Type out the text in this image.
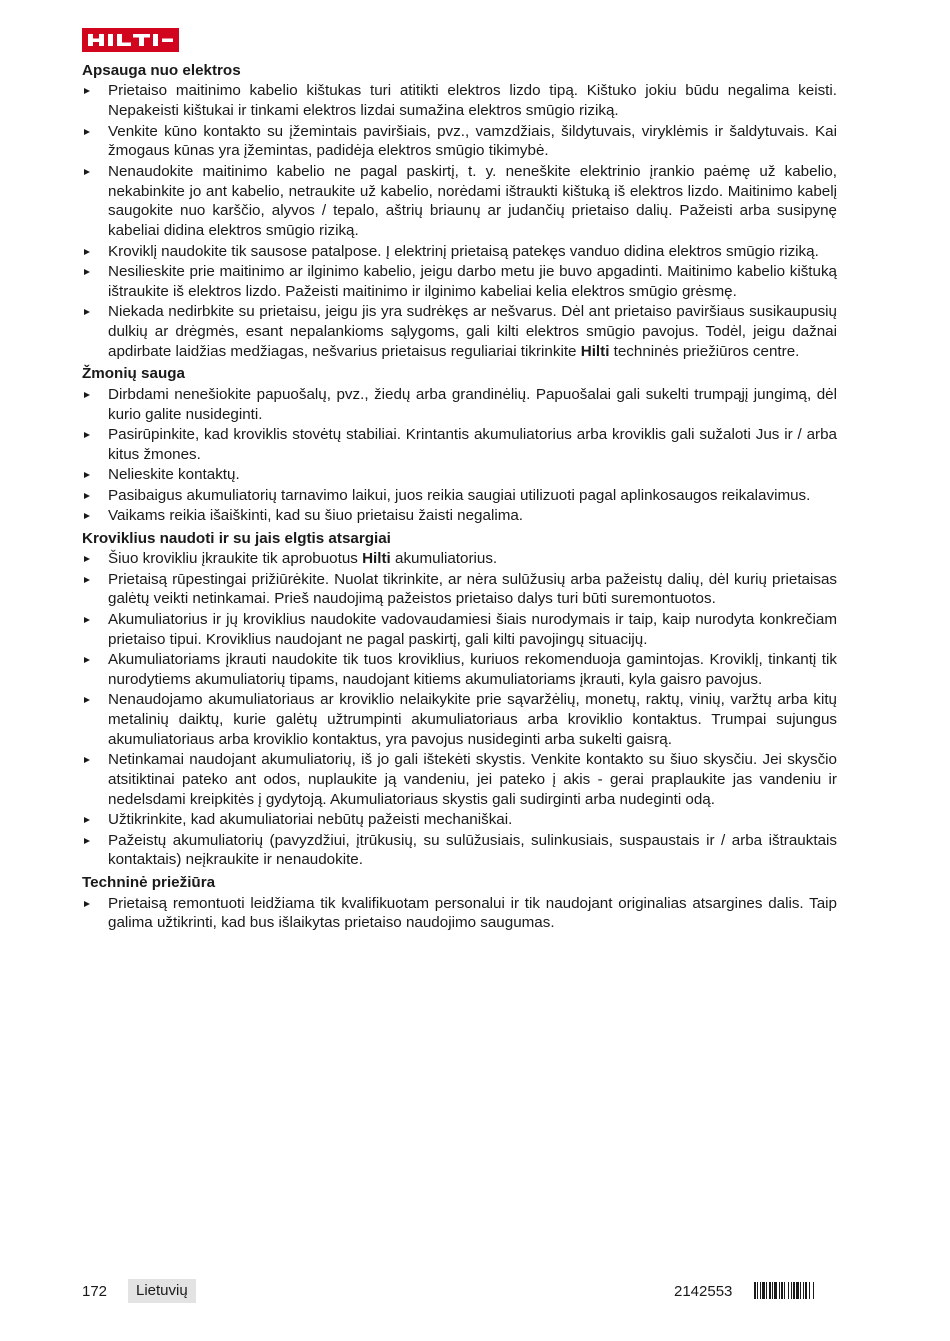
Apsauga nuo elektros
Prietaiso maitinimo kabelio kištukas turi atitikti elektros lizdo tipą. Kištuko jokiu būdu negalima keisti. Nepakeisti kištukai ir tinkami elektros lizdai sumažina elektros smūgio riziką.
Venkite kūno kontakto su įžemintais paviršiais, pvz., vamzdžiais, šildytuvais, viryklėmis ir šaldytuvais. Kai žmogaus kūnas yra įžemintas, padidėja elektros smūgio tikimybė.
Nenaudokite maitinimo kabelio ne pagal paskirtį, t. y. neneškite elektrinio įrankio paėmę už kabelio, nekabinkite jo ant kabelio, netraukite už kabelio, norėdami ištraukti kištuką iš elektros lizdo. Maitinimo kabelį saugokite nuo karščio, alyvos / tepalo, aštrių briaunų ar judančių prietaiso dalių. Pažeisti arba susipynę kabeliai didina elektros smūgio riziką.
Kroviklį naudokite tik sausose patalpose. Į elektrinį prietaisą patekęs vanduo didina elektros smūgio riziką.
Nesilieskite prie maitinimo ar ilginimo kabelio, jeigu darbo metu jie buvo apgadinti. Maitinimo kabelio kištuką ištraukite iš elektros lizdo. Pažeisti maitinimo ir ilginimo kabeliai kelia elektros smūgio grėsmę.
Niekada nedirbkite su prietaisu, jeigu jis yra sudrėkęs ar nešvarus. Dėl ant prietaiso paviršiaus susikaupusių dulkių ar drėgmės, esant nepalankioms sąlygoms, gali kilti elektros smūgio pavojus. Todėl, jeigu dažnai apdirbate laidžias medžiagas, nešvarius prietaisus reguliariai tikrinkite Hilti techninės priežiūros centre.
Žmonių sauga
Dirbdami nenešiokite papuošalų, pvz., žiedų arba grandinėlių. Papuošalai gali sukelti trumpąjį jungimą, dėl kurio galite nusideginti.
Pasirūpinkite, kad kroviklis stovėtų stabiliai. Krintantis akumuliatorius arba kroviklis gali sužaloti Jus ir / arba kitus žmones.
Nelieskite kontaktų.
Pasibaigus akumuliatorių tarnavimo laikui, juos reikia saugiai utilizuoti pagal aplinkosaugos reikalavimus.
Vaikams reikia išaiškinti, kad su šiuo prietaisu žaisti negalima.
Kroviklius naudoti ir su jais elgtis atsargiai
Šiuo krovikliu įkraukite tik aprobuotus Hilti akumuliatorius.
Prietaisą rūpestingai prižiūrėkite. Nuolat tikrinkite, ar nėra sulūžusių arba pažeistų dalių, dėl kurių prietaisas galėtų veikti netinkamai. Prieš naudojimą pažeistos prietaiso dalys turi būti suremontuotos.
Akumuliatorius ir jų kroviklius naudokite vadovaudamiesi šiais nurodymais ir taip, kaip nurodyta konkrečiam prietaiso tipui. Kroviklius naudojant ne pagal paskirtį, gali kilti pavojingų situacijų.
Akumuliatoriams įkrauti naudokite tik tuos kroviklius, kuriuos rekomenduoja gamintojas. Kroviklį, tinkantį tik nurodytiems akumuliatorių tipams, naudojant kitiems akumuliatoriams įkrauti, kyla gaisro pavojus.
Nenaudojamo akumuliatoriaus ar kroviklio nelaikykite prie sąvaržėlių, monetų, raktų, vinių, varžtų arba kitų metalinių daiktų, kurie galėtų užtrumpinti akumuliatoriaus arba kroviklio kontaktus. Trumpai sujungus akumuliatoriaus arba kroviklio kontaktus, yra pavojus nusideginti arba sukelti gaisrą.
Netinkamai naudojant akumuliatorių, iš jo gali ištekėti skystis. Venkite kontakto su šiuo skysčiu. Jei skysčio atsitiktinai pateko ant odos, nuplaukite ją vandeniu, jei pateko į akis - gerai praplaukite jas vandeniu ir nedelsdami kreipkitės į gydytoją. Akumuliatoriaus skystis gali sudirginti arba nudeginti odą.
Užtikrinkite, kad akumuliatoriai nebūtų pažeisti mechaniškai.
Pažeistų akumuliatorių (pavyzdžiui, įtrūkusių, su sulūžusiais, sulinkusiais, suspaustais ir / arba ištrauktais kontaktais) neįkraukite ir nenaudokite.
Techninė priežiūra
Prietaisą remontuoti leidžiama tik kvalifikuotam personalui ir tik naudojant originalias atsargines dalis. Taip galima užtikrinti, kad bus išlaikytas prietaiso naudojimo saugumas.
172	Lietuvių	2142553
